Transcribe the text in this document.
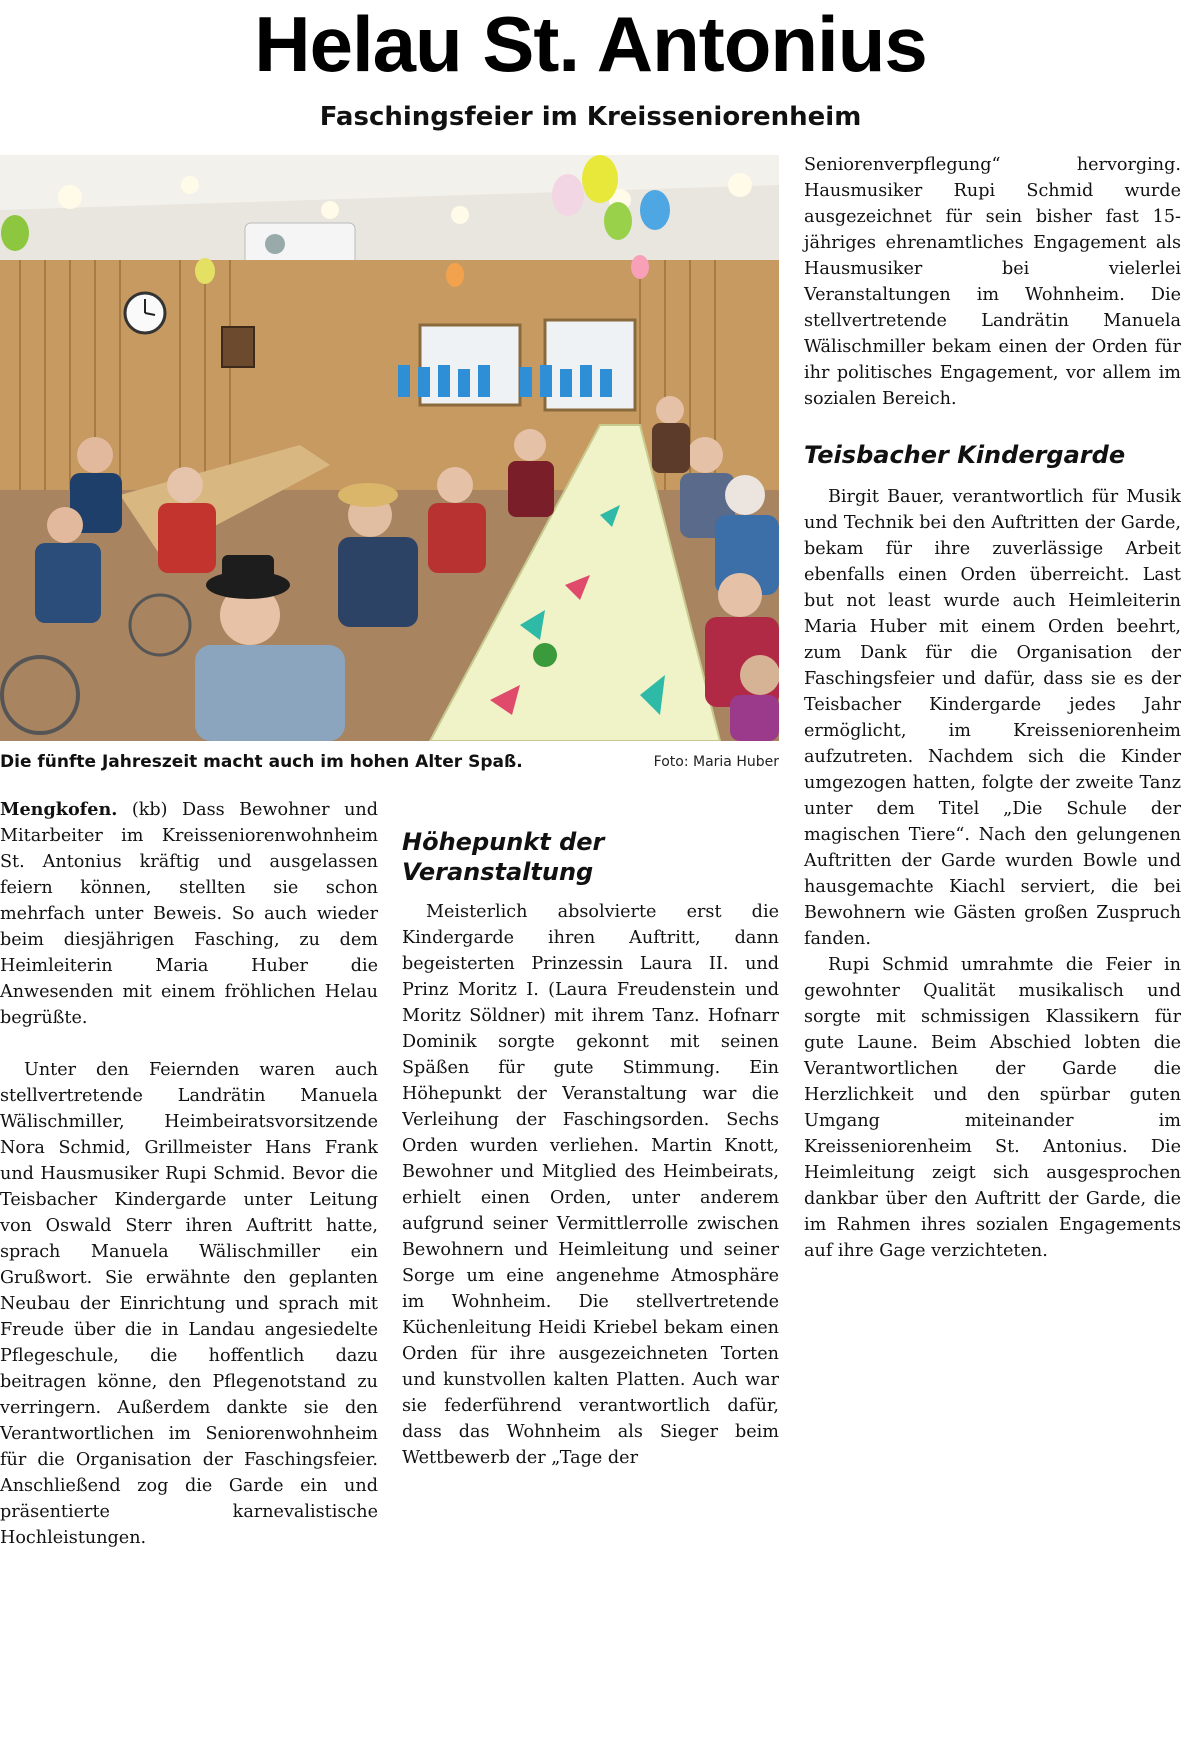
Helau St. Antonius
Faschingsfeier im Kreisseniorenheim
Die fünfte Jahreszeit macht auch im hohen Alter Spaß.	Foto: Maria Huber

Mengkofen. (kb) Dass Bewohner und Mitarbeiter im Kreisseniorenwohnheim St. Antonius kräftig und ausgelassen feiern können, stellten sie schon mehrfach unter Beweis. So auch wieder beim diesjährigen Fasching, zu dem Heimleiterin Maria Huber die Anwesenden mit einem fröhlichen Helau begrüßte.

Unter den Feiernden waren auch stellvertretende Landrätin Manuela Wälischmiller, Heimbeiratsvorsitzende Nora Schmid, Grillmeister Hans Frank und Hausmusiker Rupi Schmid. Bevor die Teisbacher Kindergarde unter Leitung von Oswald Sterr ihren Auftritt hatte, sprach Manuela Wälischmiller ein Grußwort. Sie erwähnte den geplanten Neubau der Einrichtung und sprach mit Freude über die in Landau angesiedelte Pflegeschule, die hoffentlich dazu beitragen könne, den Pflegenotstand zu verringern. Außerdem dankte sie den Verantwortlichen im Seniorenwohnheim für die Organisation der Faschingsfeier. Anschließend zog die Garde ein und präsentierte karnevalistische Hochleistungen.

Höhepunkt der Veranstaltung

Meisterlich absolvierte erst die Kindergarde ihren Auftritt, dann begeisterten Prinzessin Laura II. und Prinz Moritz I. (Laura Freudenstein und Moritz Söldner) mit ihrem Tanz. Hofnarr Dominik sorgte gekonnt mit seinen Späßen für gute Stimmung. Ein Höhepunkt der Veranstaltung war die Verleihung der Faschingsorden. Sechs Orden wurden verliehen. Martin Knott, Bewohner und Mitglied des Heimbeirats, erhielt einen Orden, unter anderem aufgrund seiner Vermittlerrolle zwischen Bewohnern und Heimleitung und seiner Sorge um eine angenehme Atmosphäre im Wohnheim. Die stellvertretende Küchenleitung Heidi Kriebel bekam einen Orden für ihre ausgezeichneten Torten und kunstvollen kalten Platten. Auch war sie federführend verantwortlich dafür, dass das Wohnheim als Sieger beim Wettbewerb der „Tage der

Seniorenverpflegung“ hervorging. Hausmusiker Rupi Schmid wurde ausgezeichnet für sein bisher fast 15-jähriges ehrenamtliches Engagement als Hausmusiker bei vielerlei Veranstaltungen im Wohnheim. Die stellvertretende Landrätin Manuela Wälischmiller bekam einen der Orden für ihr politisches Engagement, vor allem im sozialen Bereich.

Teisbacher Kindergarde

Birgit Bauer, verantwortlich für Musik und Technik bei den Auftritten der Garde, bekam für ihre zuverlässige Arbeit ebenfalls einen Orden überreicht. Last but not least wurde auch Heimleiterin Maria Huber mit einem Orden beehrt, zum Dank für die Organisation der Faschingsfeier und dafür, dass sie es der Teisbacher Kindergarde jedes Jahr ermöglicht, im Kreisseniorenheim aufzutreten. Nachdem sich die Kinder umgezogen hatten, folgte der zweite Tanz unter dem Titel „Die Schule der magischen Tiere“. Nach den gelungenen Auftritten der Garde wurden Bowle und hausgemachte Kiachl serviert, die bei Bewohnern wie Gästen großen Zuspruch fanden.

Rupi Schmid umrahmte die Feier in gewohnter Qualität musikalisch und sorgte mit schmissigen Klassikern für gute Laune. Beim Abschied lobten die Verantwortlichen der Garde die Herzlichkeit und den spürbar guten Umgang miteinander im Kreisseniorenheim St. Antonius. Die Heimleitung zeigt sich ausgesprochen dankbar über den Auftritt der Garde, die im Rahmen ihres sozialen Engagements auf ihre Gage verzichteten.
